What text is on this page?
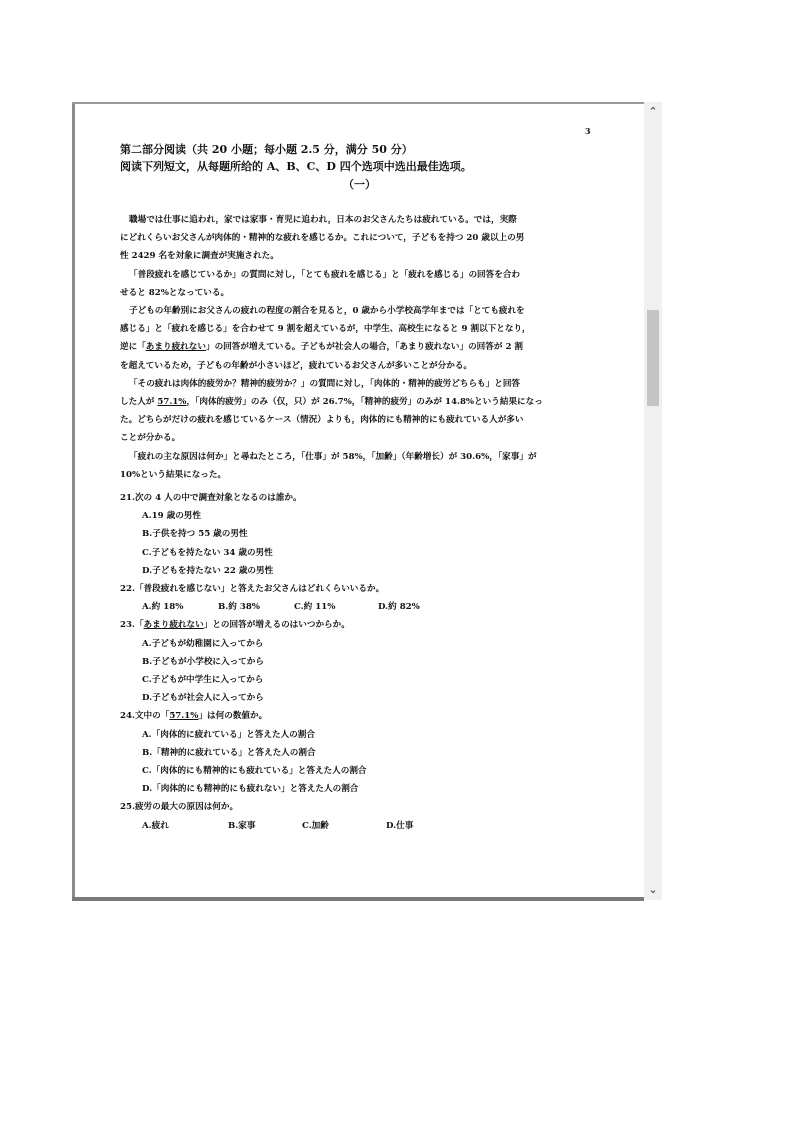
3
第二部分阅读（共 20 小题；每小题 2.5 分，满分 50 分）
阅读下列短文，从每题所给的 A、B、C、D 四个选项中选出最佳选项。
（一）

職場では仕事に追われ，家では家事・育児に追われ，日本のお父さんたちは疲れている。では，実際

にどれくらいお父さんが肉体的・精神的な疲れを感じるか。これについて，子どもを持つ 20 歳以上の男

性 2429 名を対象に調査が実施された。

「普段疲れを感じているか」の質問に対し，「とても疲れを感じる」と「疲れを感じる」の回答を合わ

せると 82%となっている。

子どもの年齢別にお父さんの疲れの程度の割合を見ると，0 歳から小学校高学年までは「とても疲れを

感じる」と「疲れを感じる」を合わせて 9 割を超えているが，中学生、高校生になると 9 割以下となり，

逆に「あまり疲れない」の回答が増えている。子どもが社会人の場合，「あまり疲れない」の回答が 2 割

を超えているため，子どもの年齢が小さいほど，疲れているお父さんが多いことが分かる。

「その疲れは肉体的疲労か？精神的疲労か？」の質問に対し，「肉体的・精神的疲労どちらも」と回答

した人が 57.1%，「肉体的疲労」のみ（仅，只）が 26.7%，「精神的疲労」のみが 14.8%という結果になっ

た。どちらがだけの疲れを感じているケース（情況）よりも，肉体的にも精神的にも疲れている人が多い

ことが分かる。

「疲れの主な原因は何か」と尋ねたところ，「仕事」が 58%，「加齢」（年齢増长）が 30.6%，「家事」が

10%という結果になった。

21.次の 4 人の中で調査対象となるのは誰か。

A.19 歳の男性

B.子供を持つ 55 歳の男性

C.子どもを持たない 34 歳の男性

D.子どもを持たない 22 歳の男性

22.「普段疲れを感じない」と答えたお父さんはどれくらいいるか。

A.約 18%	B.約 38%	C.約 11%	D.約 82%

23.「あまり疲れない」との回答が増えるのはいつからか。

A.子どもが幼稚園に入ってから

B.子どもが小学校に入ってから

C.子どもが中学生に入ってから

D.子どもが社会人に入ってから

24.文中の「57.1%」は何の数値か。

A.「肉体的に疲れている」と答えた人の割合

B.「精神的に疲れている」と答えた人の割合

C.「肉体的にも精神的にも疲れている」と答えた人の割合

D.「肉体的にも精神的にも疲れない」と答えた人の割合

25.疲労の最大の原因は何か。

A.疲れ	B.家事	C.加齢	D.仕事

⌃
⌄
